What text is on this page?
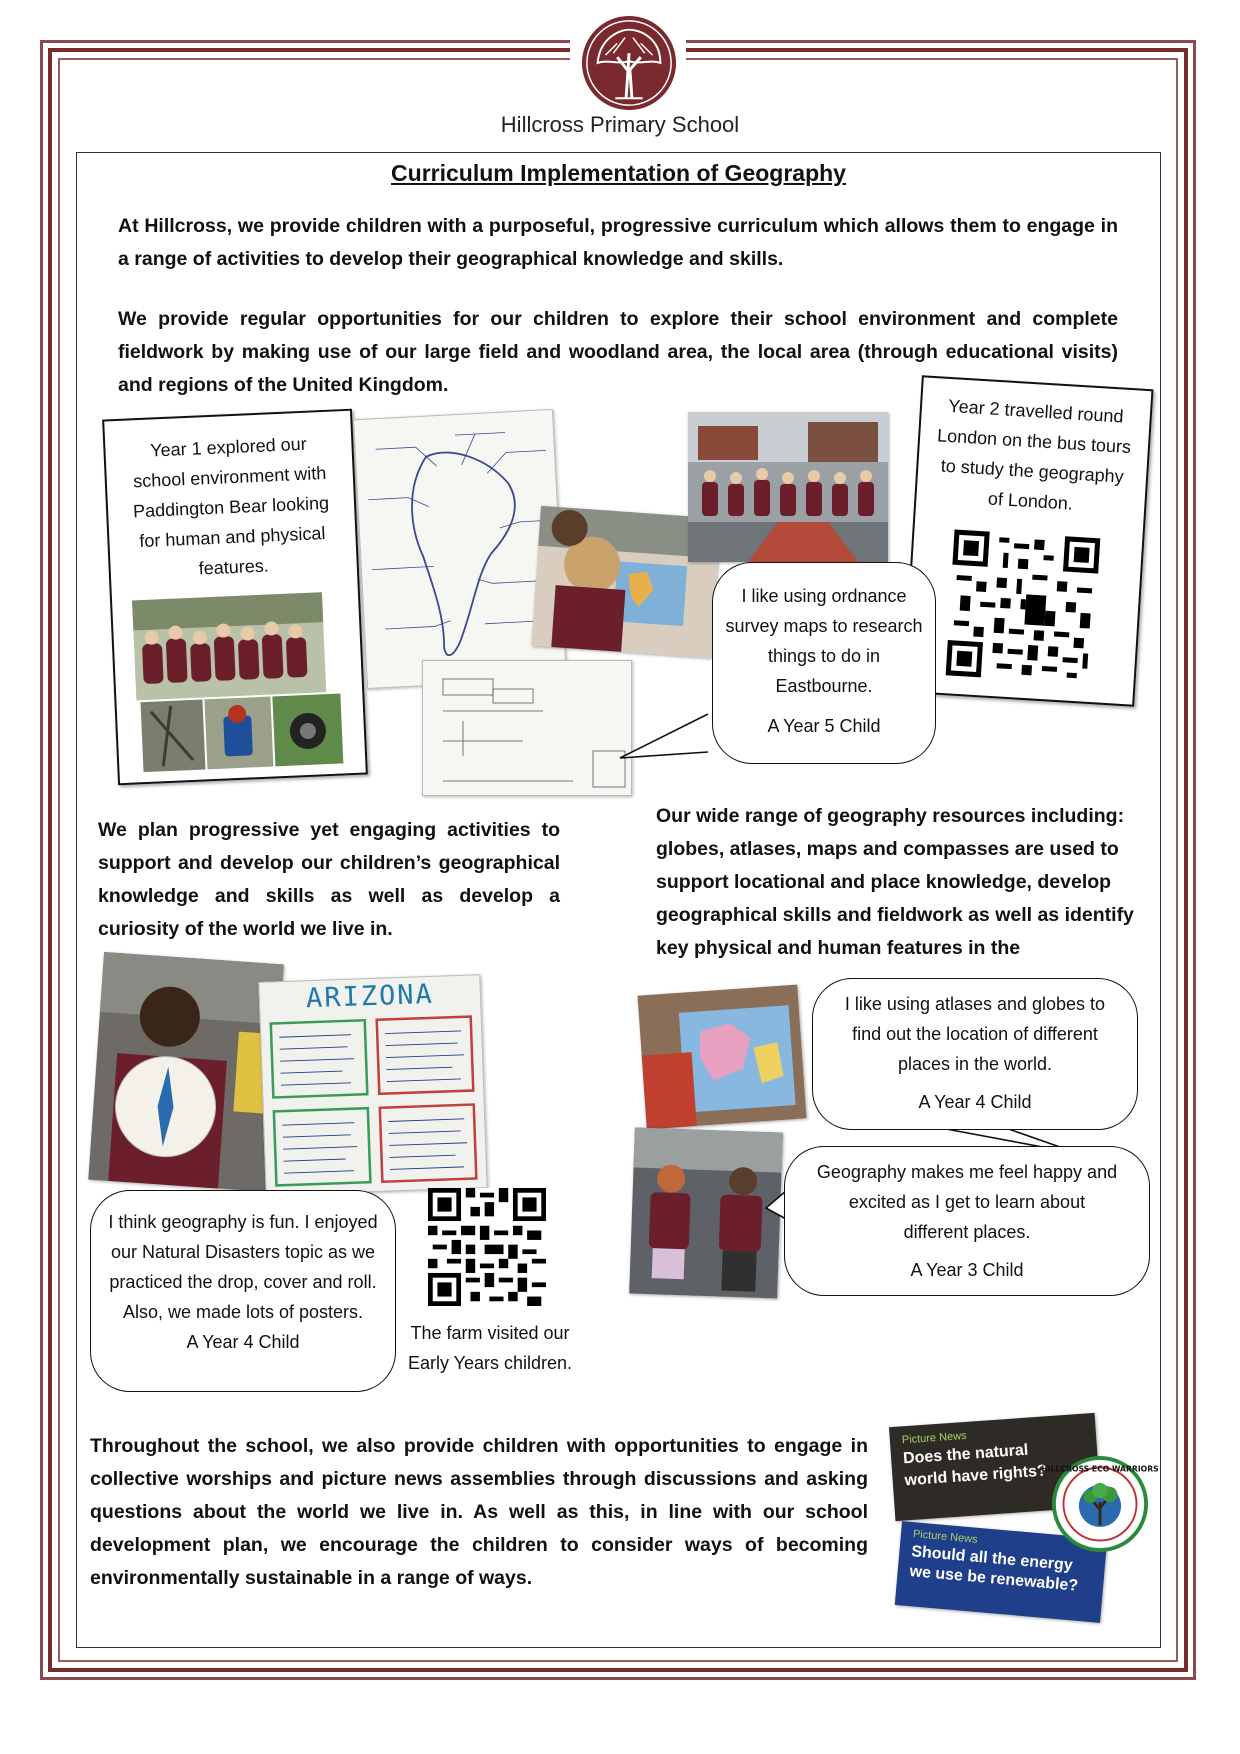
Hillcross Primary School
Curriculum Implementation of Geography
At Hillcross, we provide children with a purposeful, progressive curriculum which allows them to engage in a range of activities to develop their geographical knowledge and skills.
We provide regular opportunities for our children to explore their school environment and complete fieldwork by making use of our large field and woodland area, the local area (through educational visits) and regions of the United Kingdom.
Year 1 explored our school environment with Paddington Bear looking for human and physical features.
Year 2 travelled round London on the bus tours to study the geography of London.
I like using ordnance survey maps to research things to do in Eastbourne.
A Year 5 Child
We plan progressive yet engaging activities to support and develop our children’s geographical knowledge and skills as well as develop a curiosity of the world we live in.
Our wide range of geography resources including: globes, atlases, maps and compasses are used to support locational and place knowledge, develop geographical skills and fieldwork as well as identify key physical and human features in the
ARIZONA
I think geography is fun. I enjoyed our Natural Disasters topic as we practiced the drop, cover and roll. Also, we made lots of posters.
A Year 4 Child	The farm visited our Early Years children.
I like using atlases and globes to find out the location of different places in the world.
A Year 4 Child
Geography makes me feel happy and excited as I get to learn about different places.
A Year 3 Child
Throughout the school, we also provide children with opportunities to engage in collective worships and picture news assemblies through discussions and asking questions about the world we live in. As well as this, in line with our school development plan, we encourage the children to consider ways of becoming environmentally sustainable in a range of ways.
Picture News
Does the natural world have rights?
Picture News
Should all the energy we use be renewable?
HILLCROSS ECO WARRIORS
